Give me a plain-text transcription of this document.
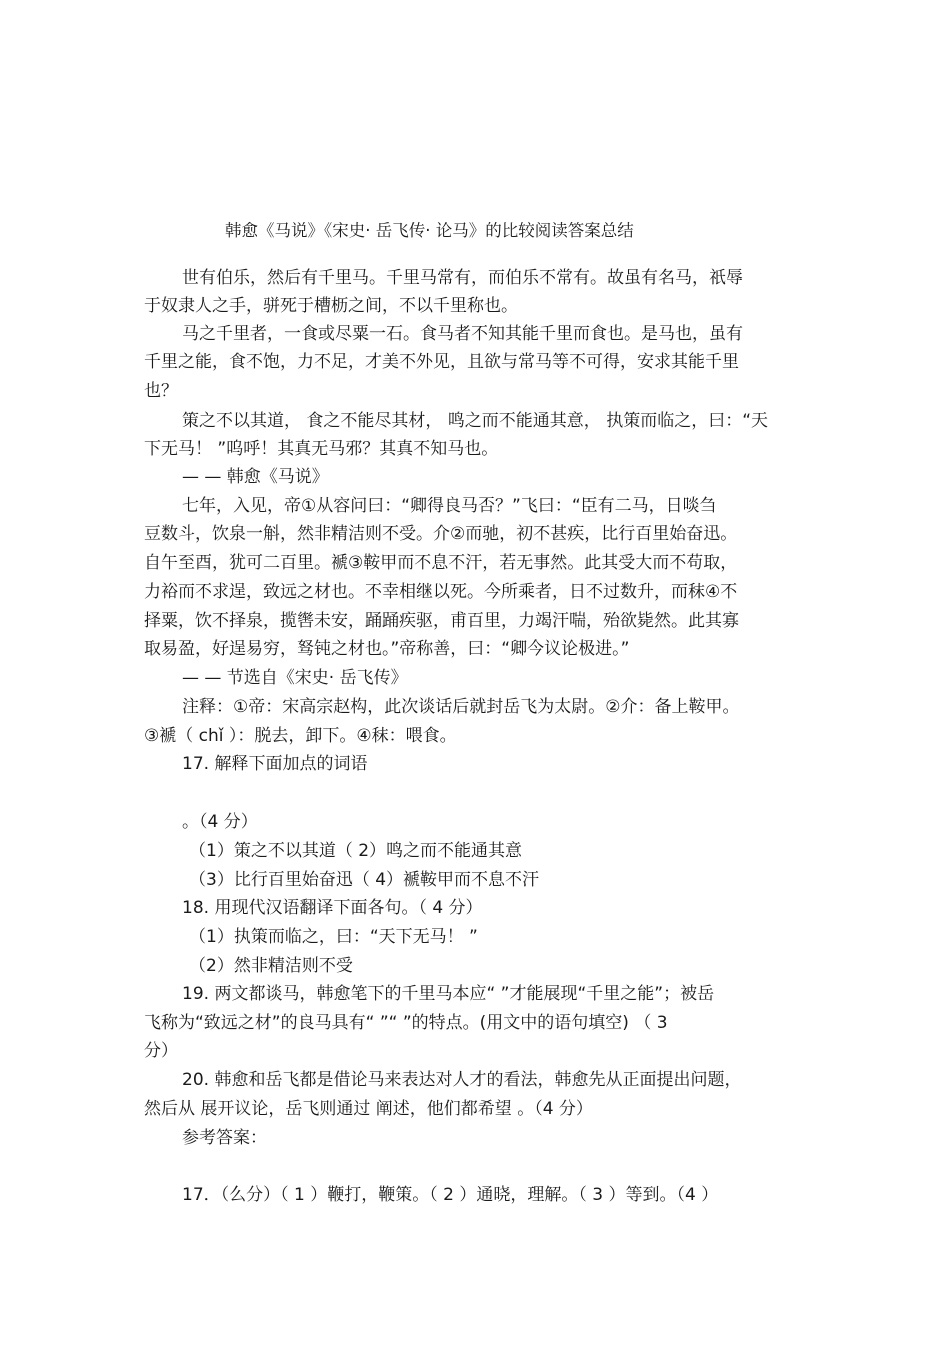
韩愈《马说》《宋史· 岳飞传· 论马》的比较阅读答案总结
世有伯乐，然后有千里马。千里马常有，而伯乐不常有。故虽有名马，祇辱
于奴隶人之手，骈死于槽枥之间，不以千里称也。
马之千里者，一食或尽粟一石。食马者不知其能千里而食也。是马也，虽有
千里之能，食不饱，力不足，才美不外见，且欲与常马等不可得，安求其能千里
也？
策之不以其道， 食之不能尽其材， 鸣之而不能通其意， 执策而临之，曰：“天
下无马！ ”呜呼！其真无马邪？其真不知马也。
— — 韩愈《马说》
七年，入见，帝①从容问曰：“卿得良马否？”飞曰：“臣有二马，日啖刍
豆数斗，饮泉一斛，然非精洁则不受。介②而驰，初不甚疾，比行百里始奋迅。
自午至酉，犹可二百里。褫③鞍甲而不息不汗，若无事然。此其受大而不苟取，
力裕而不求逞，致远之材也。不幸相继以死。今所乘者，日不过数升，而秣④不
择粟，饮不择泉，揽辔未安，踊踊疾驱，甫百里，力竭汗喘，殆欲毙然。此其寡
取易盈，好逞易穷，驽钝之材也。”帝称善，曰：“卿今议论极进。”
— — 节选自《宋史· 岳飞传》
注释：①帝：宋高宗赵构，此次谈话后就封岳飞为太尉。②介：备上鞍甲。
③褫（ chǐ ）：脱去，卸下。④秣：喂食。
17. 解释下面加点的词语
。（4 分）
（1）策之不以其道（ 2）鸣之而不能通其意
（3）比行百里始奋迅（ 4）褫鞍甲而不息不汗
18. 用现代汉语翻译下面各句。（ 4 分）
（1）执策而临之，曰：“天下无马！ ”
（2）然非精洁则不受
19. 两文都谈马，韩愈笔下的千里马本应“ ”才能展现“千里之能”；被岳
飞称为“致远之材”的良马具有“ ”“ ”的特点。(用文中的语句填空) （ 3
分）
20. 韩愈和岳飞都是借论马来表达对人才的看法，韩愈先从正面提出问题，
然后从 展开议论，岳飞则通过 阐述，他们都希望 。（4 分）
参考答案：
17．（么分）（ 1 ）鞭打，鞭策。（ 2 ）通晓，理解。（ 3 ）等到。（4 ）
